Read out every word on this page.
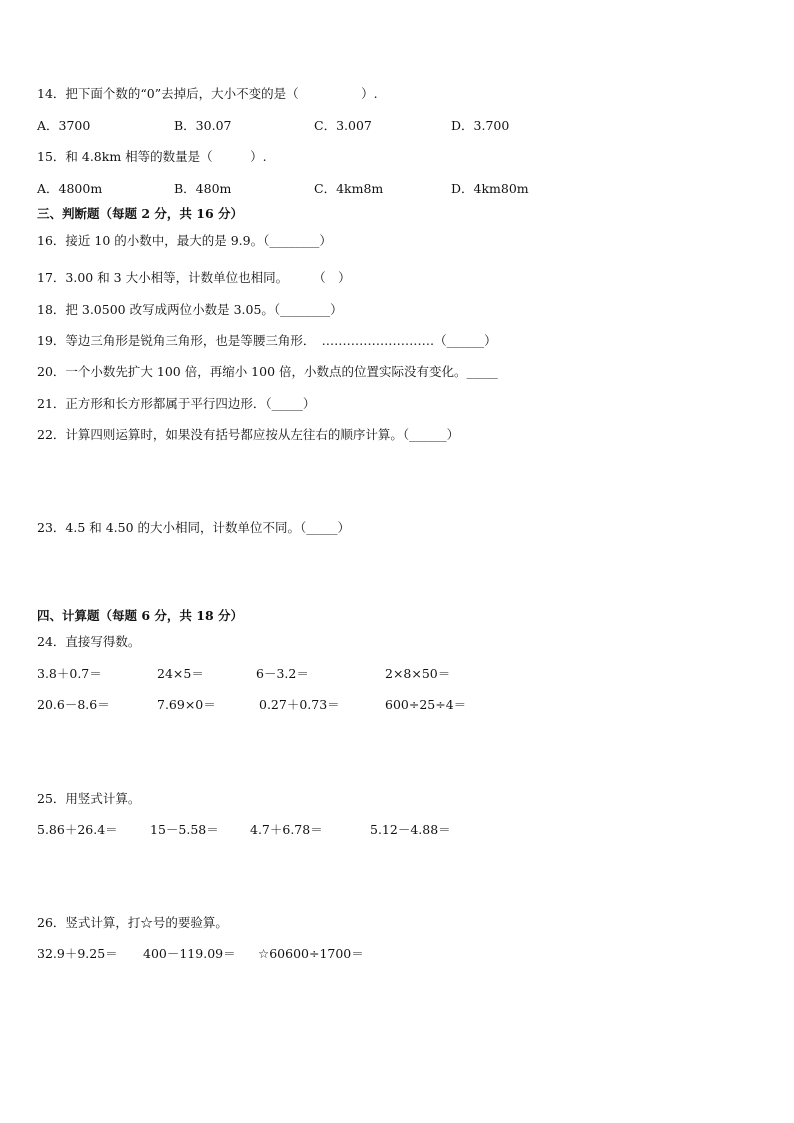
14．把下面个数的“0”去掉后，大小不变的是（　　　　　）.
A．3700	B．30.07	C．3.007	D．3.700
15．和 4.8km 相等的数量是（　　　）.
A．4800m	B．480m	C．4km8m	D．4km80m
三、判断题（每题 2 分，共 16 分）
16．接近 10 的小数中，最大的是 9.9。（________）
17．3.00 和 3 大小相等，计数单位也相同。　　　（　）
18．把 3.0500 改写成两位小数是 3.05。（________）
19．等边三角形是锐角三角形，也是等腰三角形．　………………………（______）
20．一个小数先扩大 100 倍，再缩小 100 倍，小数点的位置实际没有变化。_____
21．正方形和长方形都属于平行四边形．（_____）
22．计算四则运算时，如果没有括号都应按从左往右的顺序计算。（______）
23．4.5 和 4.50 的大小相同，计数单位不同。（_____）
四、计算题（每题 6 分，共 18 分）
24．直接写得数。
3.8＋0.7＝	24×5＝	6－3.2＝	2×8×50＝
20.6－8.6＝	7.69×0＝	0.27＋0.73＝	600÷25÷4＝
25．用竖式计算。
5.86＋26.4＝	15－5.58＝	4.7＋6.78＝	5.12－4.88＝
26．竖式计算，打☆号的要验算。
32.9＋9.25＝ 400－119.09＝ ☆60600÷1700＝
